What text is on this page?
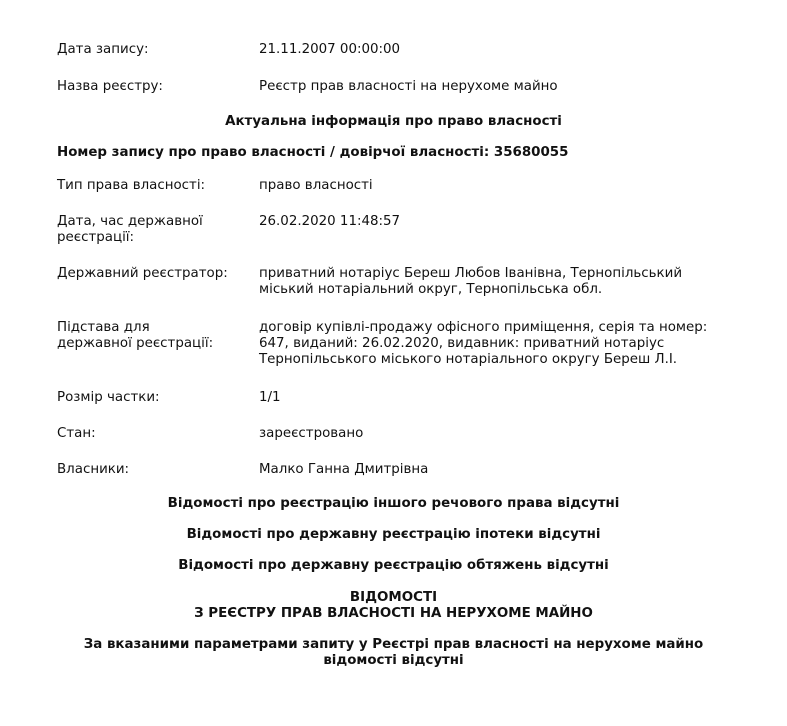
Дата запису:	21.11.2007 00:00:00
Назва реєстру:	Реєстр прав власності на нерухоме майно
Актуальна інформація про право власності
Номер запису про право власності / довірчої власності: 35680055
Тип права власності:	право власності
Дата, час державної
реєстрації:
26.02.2020 11:48:57
Державний реєстратор:	приватний нотаріус Береш Любов Іванівна, Тернопільський
міський нотаріальний округ, Тернопільська обл.
Підстава для
державної реєстрації:
договір купівлі-продажу офісного приміщення, серія та номер:
647, виданий: 26.02.2020, видавник: приватний нотаріус
Тернопільського міського нотаріального округу Береш Л.І.
Розмір частки:	1/1
Стан:	зареєстровано
Власники:	Малко Ганна Дмитрівна
Відомості про реєстрацію іншого речового права відсутні
Відомості про державну реєстрацію іпотеки відсутні
Відомості про державну реєстрацію обтяжень відсутні
ВІДОМОСТІ
З РЕЄСТРУ ПРАВ ВЛАСНОСТІ НА НЕРУХОМЕ МАЙНО
За вказаними параметрами запиту у Реєстрі прав власності на нерухоме майно
відомості відсутні
